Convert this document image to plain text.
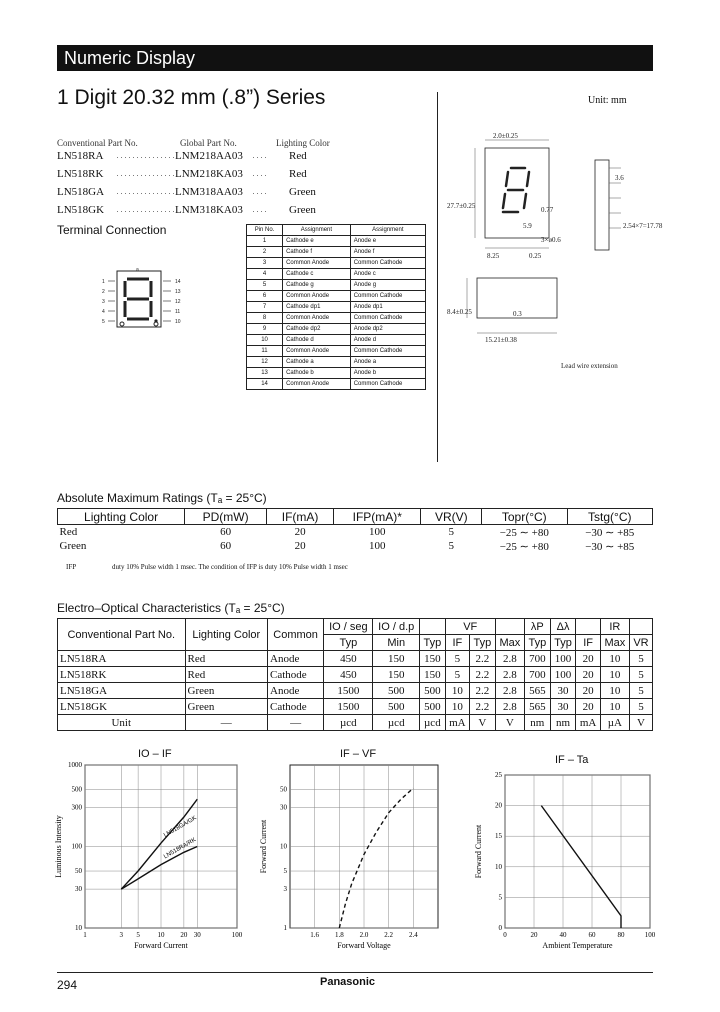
Numeric Display
1 Digit 20.32 mm (.8”) Series	Unit: mm
Conventional Part No.	Global Part No.	Lighting Color
LN518RA ··············· LNM218AA03 ···· Red
LN518RK ··············· LNM218KA03 ···· Red
LN518GA ··············· LNM318AA03 ···· Green
LN518GK ··············· LNM318KA03 ···· Green
Terminal Connection
a
1
2
3
4
5
14
13
12
11
10
Pin No.	Assignment	Assignment
1	Cathode e	Anode e
2	Cathode f	Anode f
3	Common Anode	Common Cathode
4	Cathode c	Anode c
5	Cathode g	Anode g
6	Common Anode	Common Cathode
7	Cathode dp1	Anode dp1
8	Common Anode	Common Cathode
9	Cathode dp2	Anode dp2
10	Cathode d	Anode d
11	Common Anode	Common Cathode
12	Cathode a	Anode a
13	Cathode b	Anode b
14	Common Anode	Common Cathode
2.0±0.25
27.7±0.25
5.9
0.77
8.25	0.25
3×ø0.6
3.6
2.54×7=17.78
8.4±0.25	0.3
15.21±0.38
Lead wire extension
Absolute Maximum Ratings (Tₐ = 25°C)
Lighting Color	PD(mW)	IF(mA)	IFP(mA)*	VR(V)	Topr(°C)	Tstg(°C)
Red	60	20	100	5	−25 ∼ +80	−30 ∼ +85
Green	60	20	100	5	−25 ∼ +80	−30 ∼ +85
IFP	duty 10% Pulse width 1 msec. The condition of IFP is duty 10% Pulse width 1 msec
Electro–Optical Characteristics (Tₐ = 25°C)
Conventional Part No.	Lighting Color	Common	IO / seg	IO / d.p		VF			λP	Δλ		IR	
			Typ	Min	Typ	IF	Typ	Max	Typ	Typ	IF	Max	VR
LN518RA	Red	Anode	450	150	150	5	2.2	2.8	700	100	20	10	5
LN518RK	Red	Cathode	450	150	150	5	2.2	2.8	700	100	20	10	5
LN518GA	Green	Anode	1500	500	500	10	2.2	2.8	565	30	20	10	5
LN518GK	Green	Cathode	1500	500	500	10	2.2	2.8	565	30	20	10	5
Unit	—	—	µcd	µcd	µcd	mA	V	V	nm	nm	mA	µA	V
IO – IF	IF – VF	IF – Ta
1	3 5	10 20 30	100
1000
500
300
100
50
30
10
Forward Current
Luminous Intensity	LN518GA/GK
LN518RA/RK
1.6 1.8 2.0 2.2 2.4
50
30
10
5
3
1
Forward Voltage
Forward Current
0	20	40	60	80	100
0
5
10
15
20
25
Ambient Temperature
Forward Current
294	Panasonic
